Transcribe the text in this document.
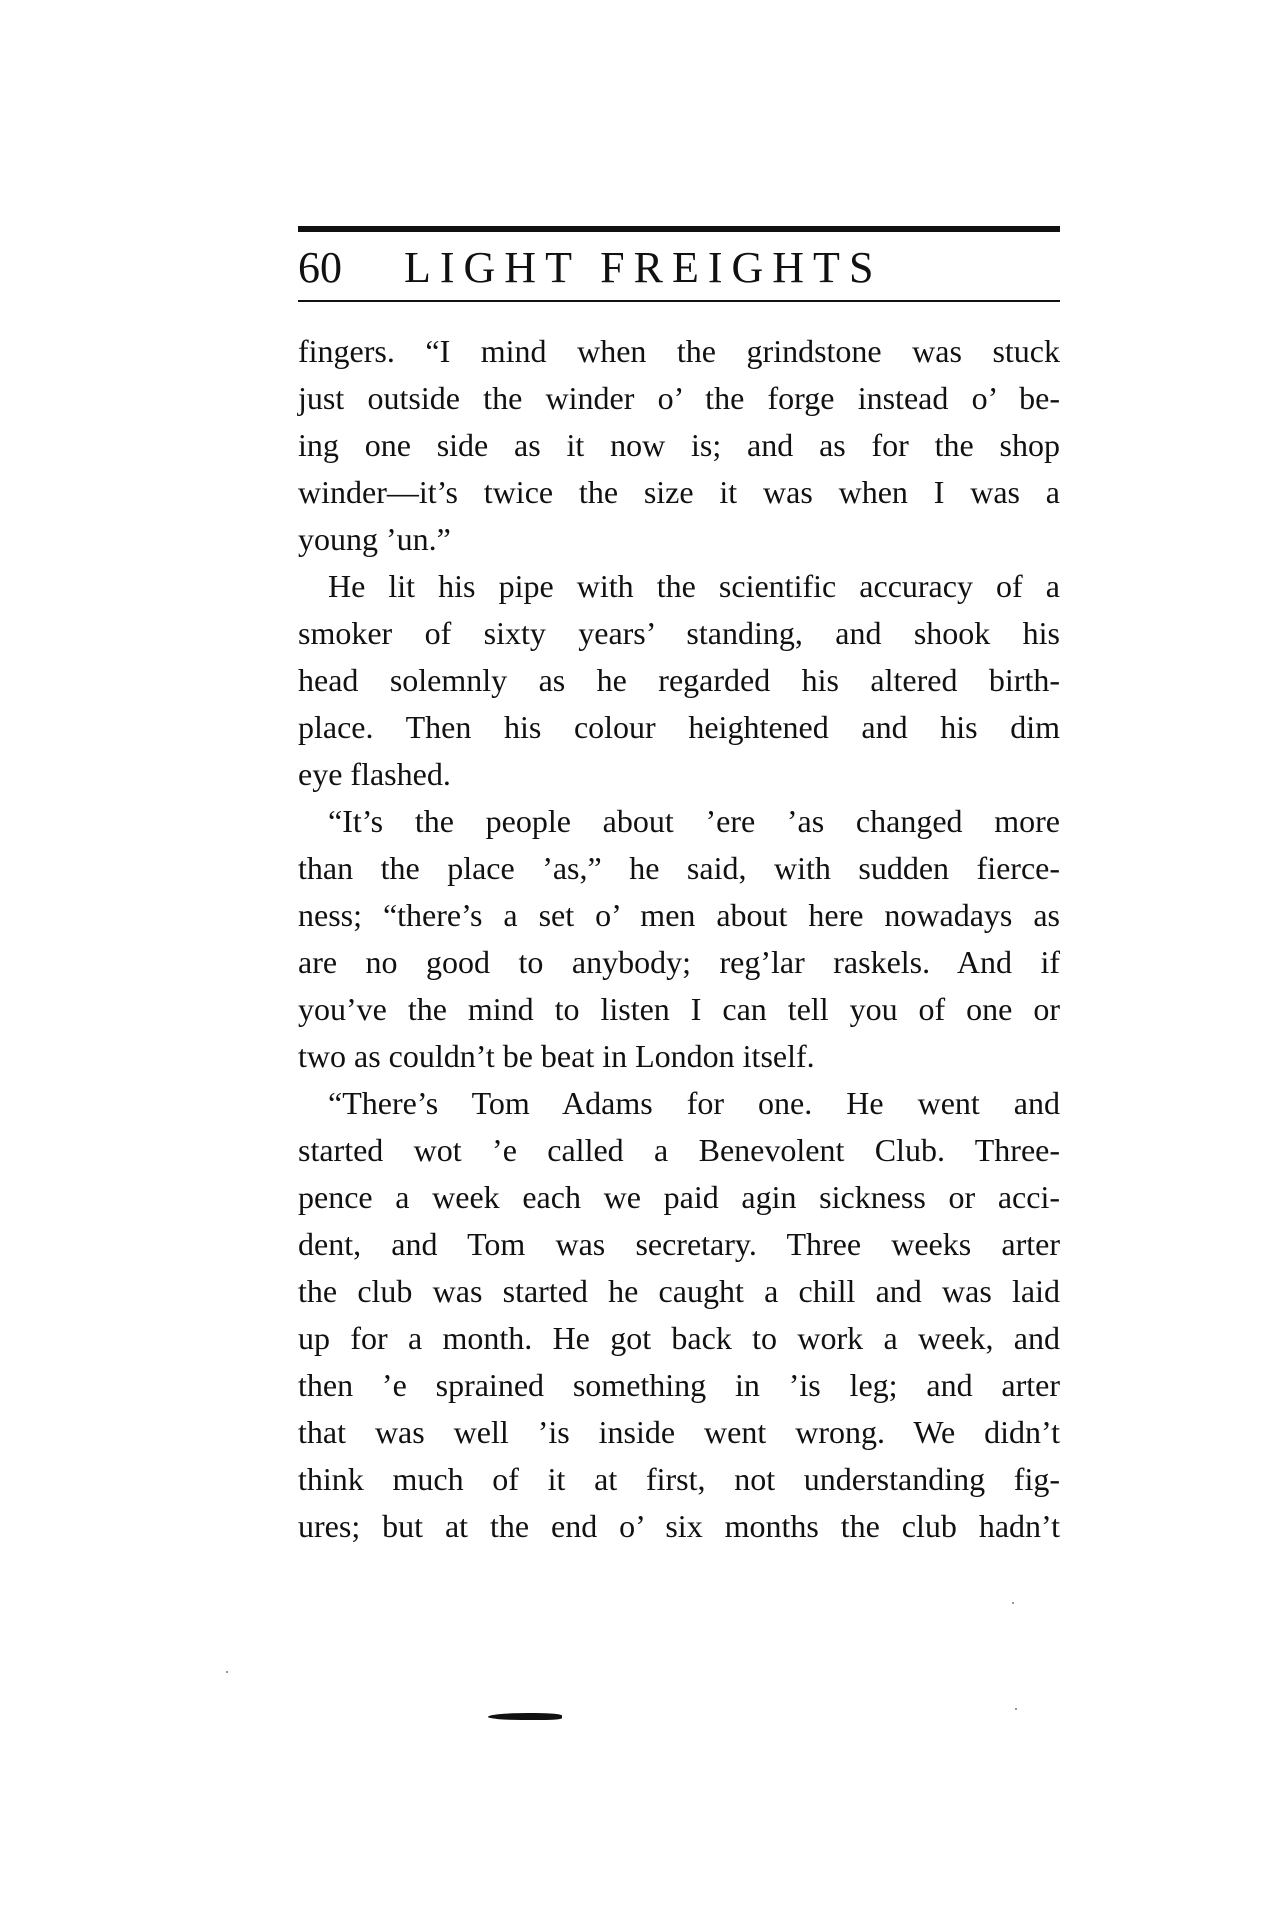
60 LIGHT FREIGHTS
fingers. “I mind when the grindstone was stuck
just outside the winder o’ the forge instead o’ be-
ing one side as it now is; and as for the shop
winder—it’s twice the size it was when I was a
young ’un.”
He lit his pipe with the scientific accuracy of a
smoker of sixty years’ standing, and shook his
head solemnly as he regarded his altered birth-
place. Then his colour heightened and his dim
eye flashed.
“It’s the people about ’ere ’as changed more
than the place ’as,” he said, with sudden fierce-
ness; “there’s a set o’ men about here nowadays as
are no good to anybody; reg’lar raskels. And if
you’ve the mind to listen I can tell you of one or
two as couldn’t be beat in London itself.
“There’s Tom Adams for one. He went and
started wot ’e called a Benevolent Club. Three-
pence a week each we paid agin sickness or acci-
dent, and Tom was secretary. Three weeks arter
the club was started he caught a chill and was laid
up for a month. He got back to work a week, and
then ’e sprained something in ’is leg; and arter
that was well ’is inside went wrong. We didn’t
think much of it at first, not understanding fig-
ures; but at the end o’ six months the club hadn’t
